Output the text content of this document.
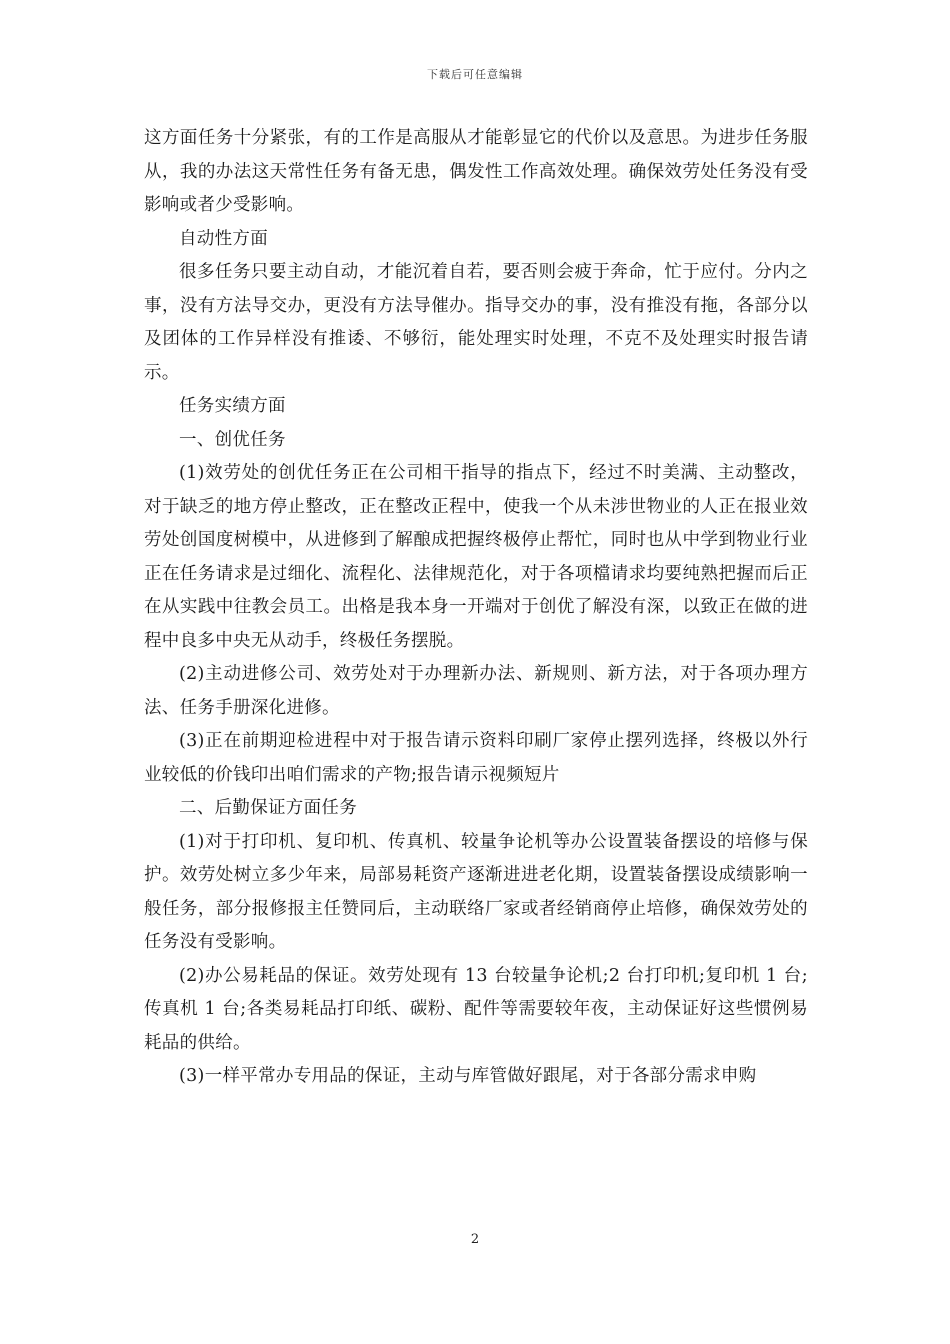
下载后可任意编辑

这方面任务十分紧张，有的工作是高服从才能彰显它的代价以及意思。为进步任务服从，我的办法这天常性任务有备无患，偶发性工作高效处理。确保效劳处任务没有受影响或者少受影响。

自动性方面

很多任务只要主动自动，才能沉着自若，要否则会疲于奔命，忙于应付。分内之事，没有方法导交办，更没有方法导催办。指导交办的事，没有推没有拖，各部分以及团体的工作异样没有推诿、不够衍，能处理实时处理，不克不及处理实时报告请示。

任务实绩方面

一、创优任务

(1)效劳处的创优任务正在公司相干指导的指点下，经过不时美满、主动整改，对于缺乏的地方停止整改，正在整改正程中，使我一个从未涉世物业的人正在报业效劳处创国度树模中，从进修到了解酿成把握终极停止帮忙，同时也从中学到物业行业正在任务请求是过细化、流程化、法律规范化，对于各项檔请求均要纯熟把握而后正在从实践中往教会员工。出格是我本身一开端对于创优了解没有深，以致正在做的进程中良多中央无从动手，终极任务摆脱。

(2)主动进修公司、效劳处对于办理新办法、新规则、新方法，对于各项办理方法、任务手册深化进修。

(3)正在前期迎检进程中对于报告请示资料印刷厂家停止摆列选择，终极以外行业较低的价钱印出咱们需求的产物;报告请示视频短片

二、后勤保证方面任务

(1)对于打印机、复印机、传真机、较量争论机等办公设置装备摆设的培修与保护。效劳处树立多少年来，局部易耗资产逐渐进进老化期，设置装备摆设成绩影响一般任务，部分报修报主任赞同后，主动联络厂家或者经销商停止培修，确保效劳处的任务没有受影响。

(2)办公易耗品的保证。效劳处现有 13 台较量争论机;2 台打印机;复印机 1 台;传真机 1 台;各类易耗品打印纸、碳粉、配件等需要较年夜，主动保证好这些惯例易耗品的供给。

(3)一样平常办专用品的保证，主动与库管做好跟尾，对于各部分需求申购

2
